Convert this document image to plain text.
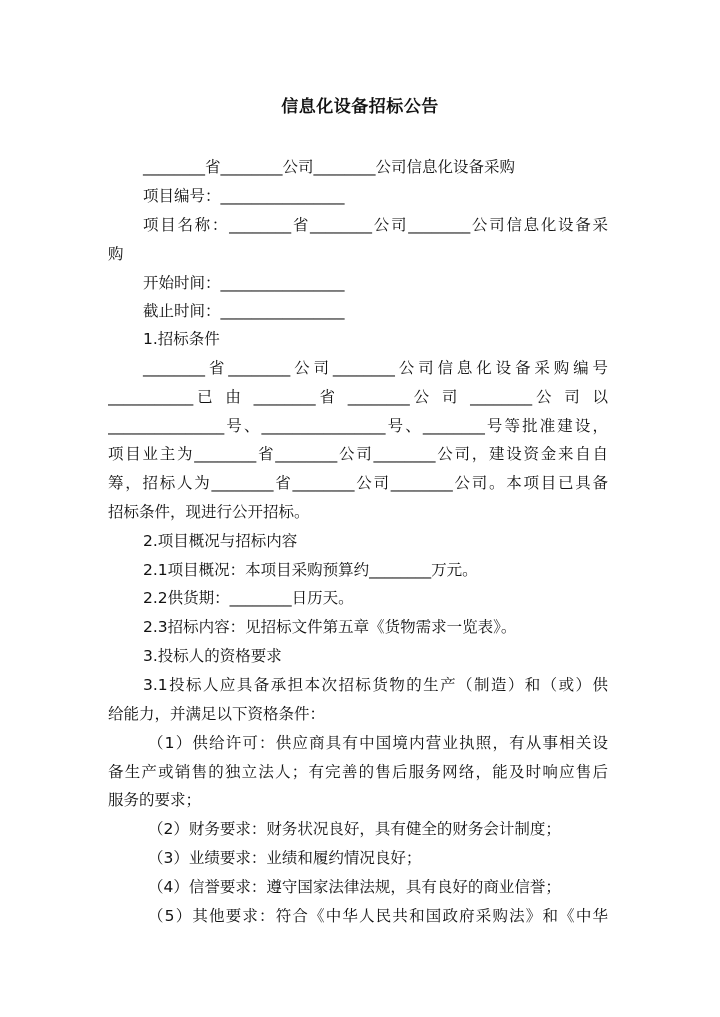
信息化设备招标公告
________省________公司________公司信息化设备采购
项目编号：________________
项目名称：________省________公司________公司信息化设备采
购
开始时间：________________
截止时间：________________
1.招标条件
________省________公司________公司信息化设备采购编号
___________已 由 ________省 ________公 司 ________公 司 以
_______________号、________________号、________号等批准建设，
项目业主为________省________公司________公司，建设资金来自自
筹，招标人为________省________公司________公司。本项目已具备
招标条件，现进行公开招标。
2.项目概况与招标内容
2.1项目概况：本项目采购预算约________万元。
2.2供货期：________日历天。
2.3招标内容：见招标文件第五章《货物需求一览表》。
3.投标人的资格要求
3.1投标人应具备承担本次招标货物的生产（制造）和（或）供
给能力，并满足以下资格条件：
（1）供给许可：供应商具有中国境内营业执照，有从事相关设
备生产或销售的独立法人；有完善的售后服务网络，能及时响应售后
服务的要求；
（2）财务要求：财务状况良好，具有健全的财务会计制度；
（3）业绩要求：业绩和履约情况良好；
（4）信誉要求：遵守国家法律法规，具有良好的商业信誉；
（5）其他要求：符合《中华人民共和国政府采购法》和《中华
